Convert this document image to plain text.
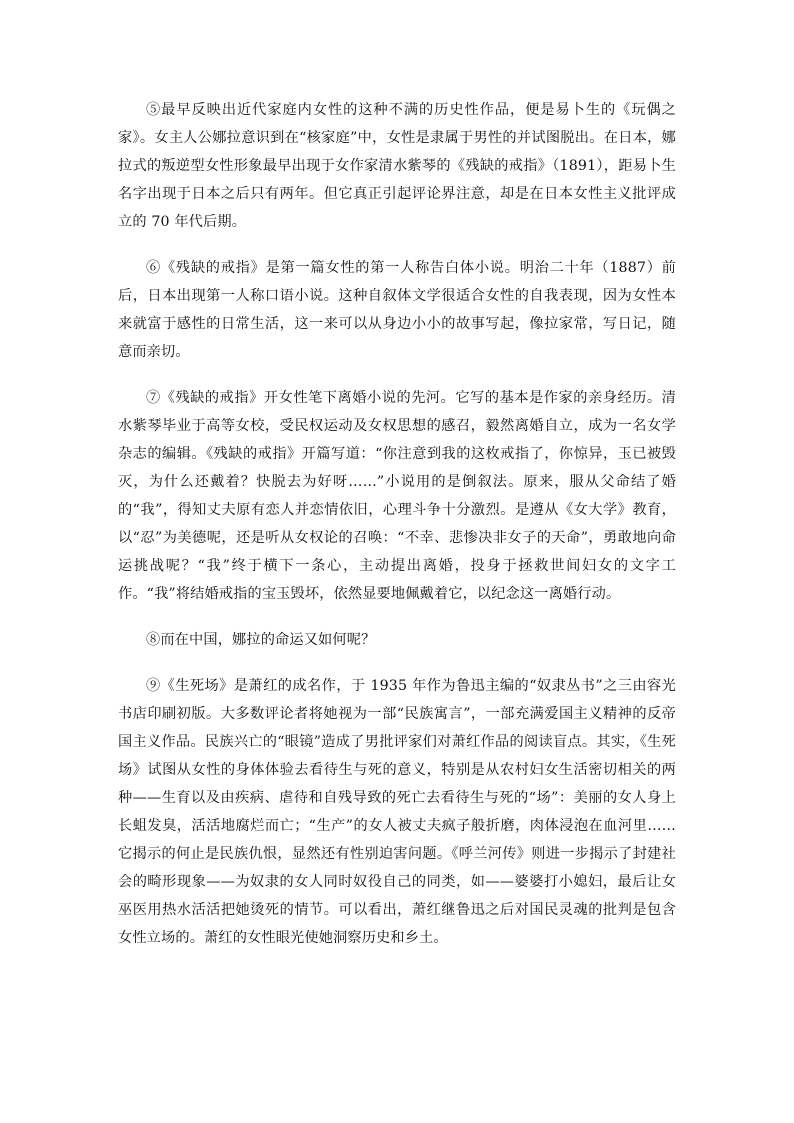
⑤最早反映出近代家庭内女性的这种不满的历史性作品，便是易卜生的《玩偶之家》。女主人公娜拉意识到在“核家庭”中，女性是隶属于男性的并试图脱出。在日本，娜拉式的叛逆型女性形象最早出现于女作家清水紫琴的《残缺的戒指》（1891），距易卜生名字出现于日本之后只有两年。但它真正引起评论界注意，却是在日本女性主义批评成立的 70 年代后期。

⑥《残缺的戒指》是第一篇女性的第一人称告白体小说。明治二十年（1887）前后，日本出现第一人称口语小说。这种自叙体文学很适合女性的自我表现，因为女性本来就富于感性的日常生活，这一来可以从身边小小的故事写起，像拉家常，写日记，随意而亲切。

⑦《残缺的戒指》开女性笔下离婚小说的先河。它写的基本是作家的亲身经历。清水紫琴毕业于高等女校，受民权运动及女权思想的感召，毅然离婚自立，成为一名女学杂志的编辑。《残缺的戒指》开篇写道：“你注意到我的这枚戒指了，你惊异，玉已被毁灭，为什么还戴着？快脱去为好呀……”小说用的是倒叙法。原来，服从父命结了婚的“我”，得知丈夫原有恋人并恋情依旧，心理斗争十分激烈。是遵从《女大学》教育，以“忍”为美德呢，还是听从女权论的召唤：“不幸、悲惨决非女子的天命”，勇敢地向命运挑战呢？“我”终于横下一条心，主动提出离婚，投身于拯救世间妇女的文字工作。“我”将结婚戒指的宝玉毁坏，依然显要地佩戴着它，以纪念这一离婚行动。

⑧而在中国，娜拉的命运又如何呢？

⑨《生死场》是萧红的成名作，于 1935 年作为鲁迅主编的“奴隶丛书”之三由容光书店印刷初版。大多数评论者将她视为一部“民族寓言”，一部充满爱国主义精神的反帝国主义作品。民族兴亡的“眼镜”造成了男批评家们对萧红作品的阅读盲点。其实，《生死场》试图从女性的身体体验去看待生与死的意义，特别是从农村妇女生活密切相关的两种——生育以及由疾病、虐待和自残导致的死亡去看待生与死的“场”：美丽的女人身上长蛆发臭，活活地腐烂而亡；“生产”的女人被丈夫疯子般折磨，肉体浸泡在血河里……它揭示的何止是民族仇恨，显然还有性别迫害问题。《呼兰河传》则进一步揭示了封建社会的畸形现象——为奴隶的女人同时奴役自己的同类，如——婆婆打小媳妇，最后让女巫医用热水活活把她烫死的情节。可以看出，萧红继鲁迅之后对国民灵魂的批判是包含女性立场的。萧红的女性眼光使她洞察历史和乡土。
